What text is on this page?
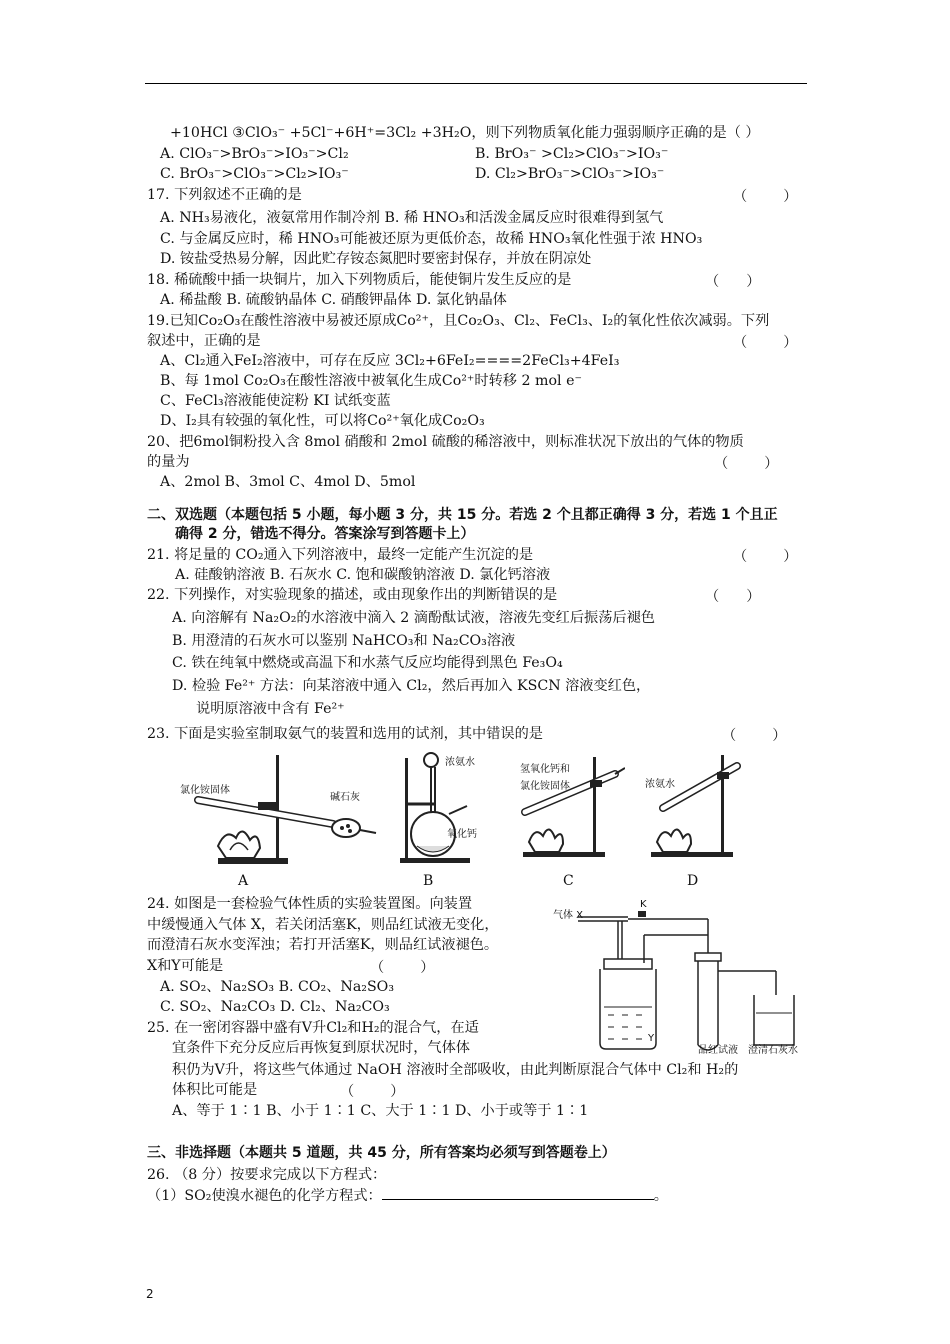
+10HCl ③ClO₃⁻ +5Cl⁻+6H⁺=3Cl₂ +3H₂O，则下列物质氧化能力强弱顺序正确的是（ ）
A. ClO₃⁻>BrO₃⁻>IO₃⁻>Cl₂	B. BrO₃⁻ >Cl₂>ClO₃⁻>IO₃⁻
C. BrO₃⁻>ClO₃⁻>Cl₂>IO₃⁻	D. Cl₂>BrO₃⁻>ClO₃⁻>IO₃⁻
17. 下列叙述不正确的是	（        ）
A. NH₃易液化，液氨常用作制冷剂 B. 稀 HNO₃和活泼金属反应时很难得到氢气
C. 与金属反应时，稀 HNO₃可能被还原为更低价态，故稀 HNO₃氧化性强于浓 HNO₃
D. 铵盐受热易分解，因此贮存铵态氮肥时要密封保存，并放在阴凉处
18. 稀硫酸中插一块铜片，加入下列物质后，能使铜片发生反应的是	（      ）
A. 稀盐酸 B. 硫酸钠晶体 C. 硝酸钾晶体 D. 氯化钠晶体
19.已知Co₂O₃在酸性溶液中易被还原成Co²⁺，且Co₂O₃、Cl₂、FeCl₃、I₂的氧化性依次减弱。下列
叙述中，正确的是	（        ）
A、Cl₂通入FeI₂溶液中，可存在反应 3Cl₂+6FeI₂====2FeCl₃+4FeI₃
B、每 1mol Co₂O₃在酸性溶液中被氧化生成Co²⁺时转移 2 mol e⁻
C、FeCl₃溶液能使淀粉 KI 试纸变蓝
D、I₂具有较强的氧化性，可以将Co²⁺氧化成Co₂O₃
20、把6mol铜粉投入含 8mol 硝酸和 2mol 硫酸的稀溶液中，则标准状况下放出的气体的物质
的量为	（        ）
A、2mol B、3mol C、4mol D、5mol
二、双选题（本题包括 5 小题，每小题 3 分，共 15 分。若选 2 个且都正确得 3 分，若选 1 个且正
确得 2 分，错选不得分。答案涂写到答题卡上）
21. 将足量的 CO₂通入下列溶液中，最终一定能产生沉淀的是	（        ）
A. 硅酸钠溶液 B. 石灰水 C. 饱和碳酸钠溶液 D. 氯化钙溶液
22. 下列操作，对实验现象的描述，或由现象作出的判断错误的是	（      ）
A. 向溶解有 Na₂O₂的水溶液中滴入 2 滴酚酞试液，溶液先变红后振荡后褪色
B. 用澄清的石灰水可以鉴别 NaHCO₃和 Na₂CO₃溶液
C. 铁在纯氧中燃烧或高温下和水蒸气反应均能得到黑色 Fe₃O₄
D. 检验 Fe²⁺ 方法：向某溶液中通入 Cl₂，然后再加入 KSCN 溶液变红色，
说明原溶液中含有 Fe²⁺
23. 下面是实验室制取氨气的装置和选用的试剂，其中错误的是	（        ）
氯化铵固体
碱石灰
A
浓氨水
氧化钙
B
氢氧化钙和
氯化铵固体
C
浓氨水
D
24. 如图是一套检验气体性质的实验装置图。向装置
中缓慢通入气体 X，若关闭活塞K，则品红试液无变化，
而澄清石灰水变浑浊；若打开活塞K，则品红试液褪色。
X和Y可能是	（        ）
A. SO₂、Na₂SO₃ B. CO₂、Na₂SO₃
C. SO₂、Na₂CO₃ D. Cl₂、Na₂CO₃
气体 X
K
Y
品红试液 澄清石灰水
25. 在一密闭容器中盛有V升Cl₂和H₂的混合气，在适
宜条件下充分反应后再恢复到原状况时，气体体
积仍为V升，将这些气体通过 NaOH 溶液时全部吸收，由此判断原混合气体中 Cl₂和 H₂的
体积比可能是	（        ）
A、等于 1∶1 B、小于 1∶1 C、大于 1∶1 D、小于或等于 1∶1
三、非选择题（本题共 5 道题，共 45 分，所有答案均必须写到答题卷上）
26. （8 分）按要求完成以下方程式：
（1）SO₂使溴水褪色的化学方程式：	。
2
